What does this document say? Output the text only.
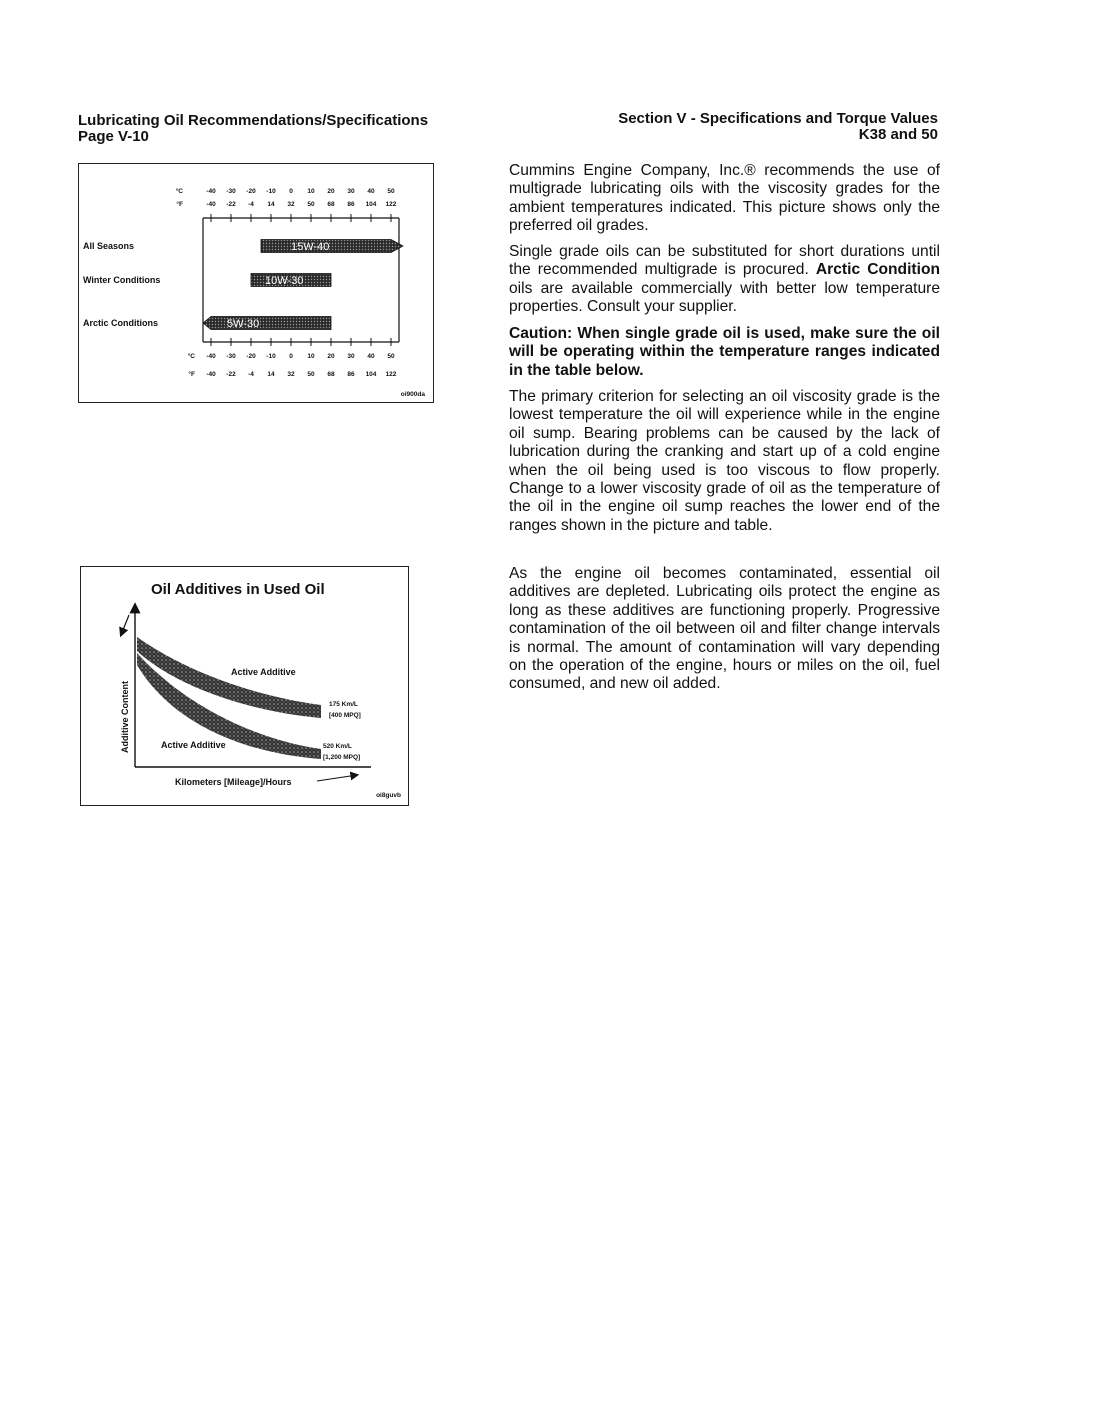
Lubricating Oil Recommendations/Specifications
Page V-10
Section V - Specifications and Torque Values
K38 and 50
°C
°F
-40
-40
-30
-22
-20
-4
-10
14
0
32
10
50
20
68
30
86
40
104
50
122
15W-40
10W-30
5W-30
°C
°F
-40
-40
-30
-22
-20
-4
-10
14
0
32
10
50
20
68
30
86
40
104
50
122
oi900da
All Seasons
Winter Conditions
Arctic Conditions
Oil Additives in Used Oil
Additive Content
Active Additive
175 Km/L
[400 MPQ]
Active Additive	520 Km/L
[1,200 MPQ]
Kilometers [Mileage]/Hours
oi8guvb

Cummins Engine Company, Inc.® recommends the use of multigrade lubricating oils with the viscosity grades for the ambient temperatures indicated. This picture shows only the preferred oil grades.

Single grade oils can be substituted for short durations until the recommended multigrade is procured. Arctic Condition oils are available commercially with better low temperature properties. Consult your supplier.

Caution: When single grade oil is used, make sure the oil will be operating within the temperature ranges indicated in the table below.

The primary criterion for selecting an oil viscosity grade is the lowest temperature the oil will experience while in the engine oil sump. Bearing problems can be caused by the lack of lubrication during the cranking and start up of a cold engine when the oil being used is too viscous to flow properly. Change to a lower viscosity grade of oil as the temperature of the oil in the engine oil sump reaches the lower end of the ranges shown in the picture and table.

As the engine oil becomes contaminated, essential oil additives are depleted. Lubricating oils protect the engine as long as these additives are functioning properly. Progressive contamination of the oil between oil and filter change intervals is normal. The amount of contamination will vary depending on the operation of the engine, hours or miles on the oil, fuel consumed, and new oil added.
